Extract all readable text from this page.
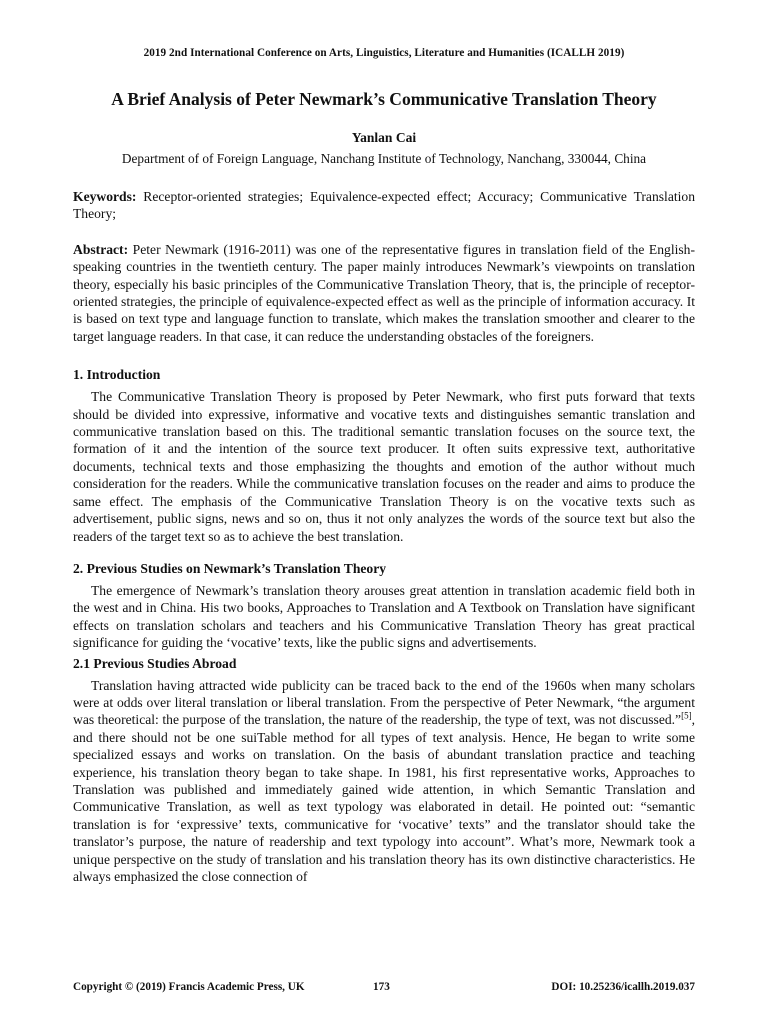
2019 2nd International Conference on Arts, Linguistics, Literature and Humanities (ICALLH 2019)
A Brief Analysis of Peter Newmark’s Communicative Translation Theory
Yanlan Cai
Department of of Foreign Language, Nanchang Institute of Technology, Nanchang, 330044, China

Keywords: Receptor-oriented strategies; Equivalence-expected effect; Accuracy; Communicative Translation Theory;

Abstract: Peter Newmark (1916-2011) was one of the representative figures in translation field of the English-speaking countries in the twentieth century. The paper mainly introduces Newmark’s viewpoints on translation theory, especially his basic principles of the Communicative Translation Theory, that is, the principle of receptor-oriented strategies, the principle of equivalence-expected effect as well as the principle of information accuracy. It is based on text type and language function to translate, which makes the translation smoother and clearer to the target language readers. In that case, it can reduce the understanding obstacles of the foreigners.

1. Introduction

The Communicative Translation Theory is proposed by Peter Newmark, who first puts forward that texts should be divided into expressive, informative and vocative texts and distinguishes semantic translation and communicative translation based on this. The traditional semantic translation focuses on the source text, the formation of it and the intention of the source text producer. It often suits expressive text, authoritative documents, technical texts and those emphasizing the thoughts and emotion of the author without much consideration for the readers. While the communicative translation focuses on the reader and aims to produce the same effect. The emphasis of the Communicative Translation Theory is on the vocative texts such as advertisement, public signs, news and so on, thus it not only analyzes the words of the source text but also the readers of the target text so as to achieve the best translation.

2. Previous Studies on Newmark’s Translation Theory

The emergence of Newmark’s translation theory arouses great attention in translation academic field both in the west and in China. His two books, Approaches to Translation and A Textbook on Translation have significant effects on translation scholars and teachers and his Communicative Translation Theory has great practical significance for guiding the ‘vocative’ texts, like the public signs and advertisements.

2.1 Previous Studies Abroad

Translation having attracted wide publicity can be traced back to the end of the 1960s when many scholars were at odds over literal translation or liberal translation. From the perspective of Peter Newmark, “the argument was theoretical: the purpose of the translation, the nature of the readership, the type of text, was not discussed.”[5], and there should not be one suiTable method for all types of text analysis. Hence, He began to write some specialized essays and works on translation. On the basis of abundant translation practice and teaching experience, his translation theory began to take shape. In 1981, his first representative works, Approaches to Translation was published and immediately gained wide attention, in which Semantic Translation and Communicative Translation, as well as text typology was elaborated in detail. He pointed out: “semantic translation is for ‘expressive’ texts, communicative for ‘vocative’ texts” and the translator should take the translator’s purpose, the nature of readership and text typology into account”. What’s more, Newmark took a unique perspective on the study of translation and his translation theory has its own distinctive characteristics. He always emphasized the close connection of

Copyright © (2019) Francis Academic Press, UK	173	DOI: 10.25236/icallh.2019.037
